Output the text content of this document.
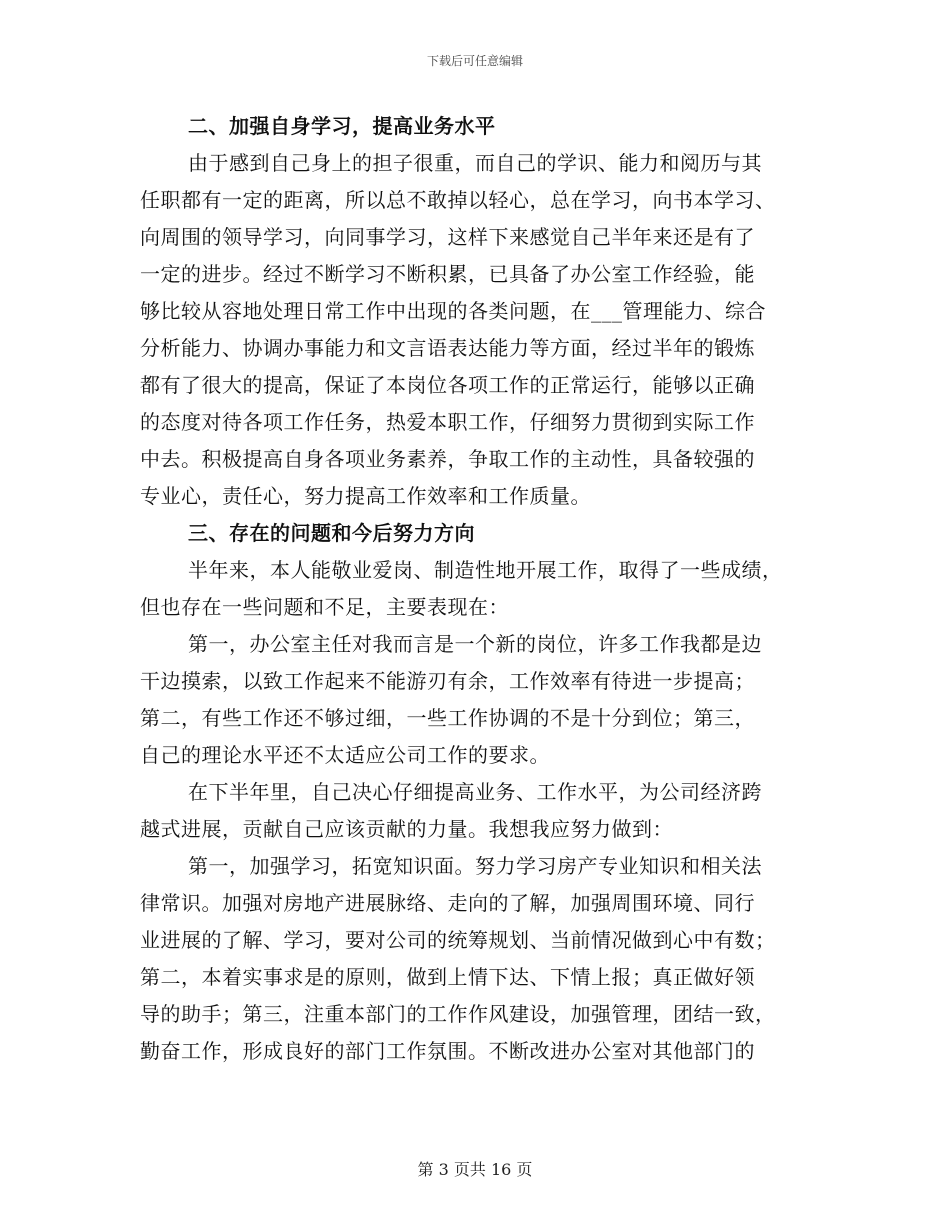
下载后可任意编辑
二、加强自身学习，提高业务水平
由于感到自己身上的担子很重，而自己的学识、能力和阅历与其
任职都有一定的距离，所以总不敢掉以轻心，总在学习，向书本学习、
向周围的领导学习，向同事学习，这样下来感觉自己半年来还是有了
一定的进步。经过不断学习不断积累，已具备了办公室工作经验，能
够比较从容地处理日常工作中出现的各类问题，在___管理能力、综合
分析能力、协调办事能力和文言语表达能力等方面，经过半年的锻炼
都有了很大的提高，保证了本岗位各项工作的正常运行，能够以正确
的态度对待各项工作任务，热爱本职工作，仔细努力贯彻到实际工作
中去。积极提高自身各项业务素养，争取工作的主动性，具备较强的
专业心，责任心，努力提高工作效率和工作质量。
三、存在的问题和今后努力方向
半年来，本人能敬业爱岗、制造性地开展工作，取得了一些成绩，
但也存在一些问题和不足，主要表现在：
第一，办公室主任对我而言是一个新的岗位，许多工作我都是边
干边摸索，以致工作起来不能游刃有余，工作效率有待进一步提高；
第二，有些工作还不够过细，一些工作协调的不是十分到位；第三，
自己的理论水平还不太适应公司工作的要求。
在下半年里，自己决心仔细提高业务、工作水平，为公司经济跨
越式进展，贡献自己应该贡献的力量。我想我应努力做到：
第一，加强学习，拓宽知识面。努力学习房产专业知识和相关法
律常识。加强对房地产进展脉络、走向的了解，加强周围环境、同行
业进展的了解、学习，要对公司的统筹规划、当前情况做到心中有数；
第二，本着实事求是的原则，做到上情下达、下情上报；真正做好领
导的助手；第三，注重本部门的工作作风建设，加强管理，团结一致，
勤奋工作，形成良好的部门工作氛围。不断改进办公室对其他部门的
第 3 页共 16 页
